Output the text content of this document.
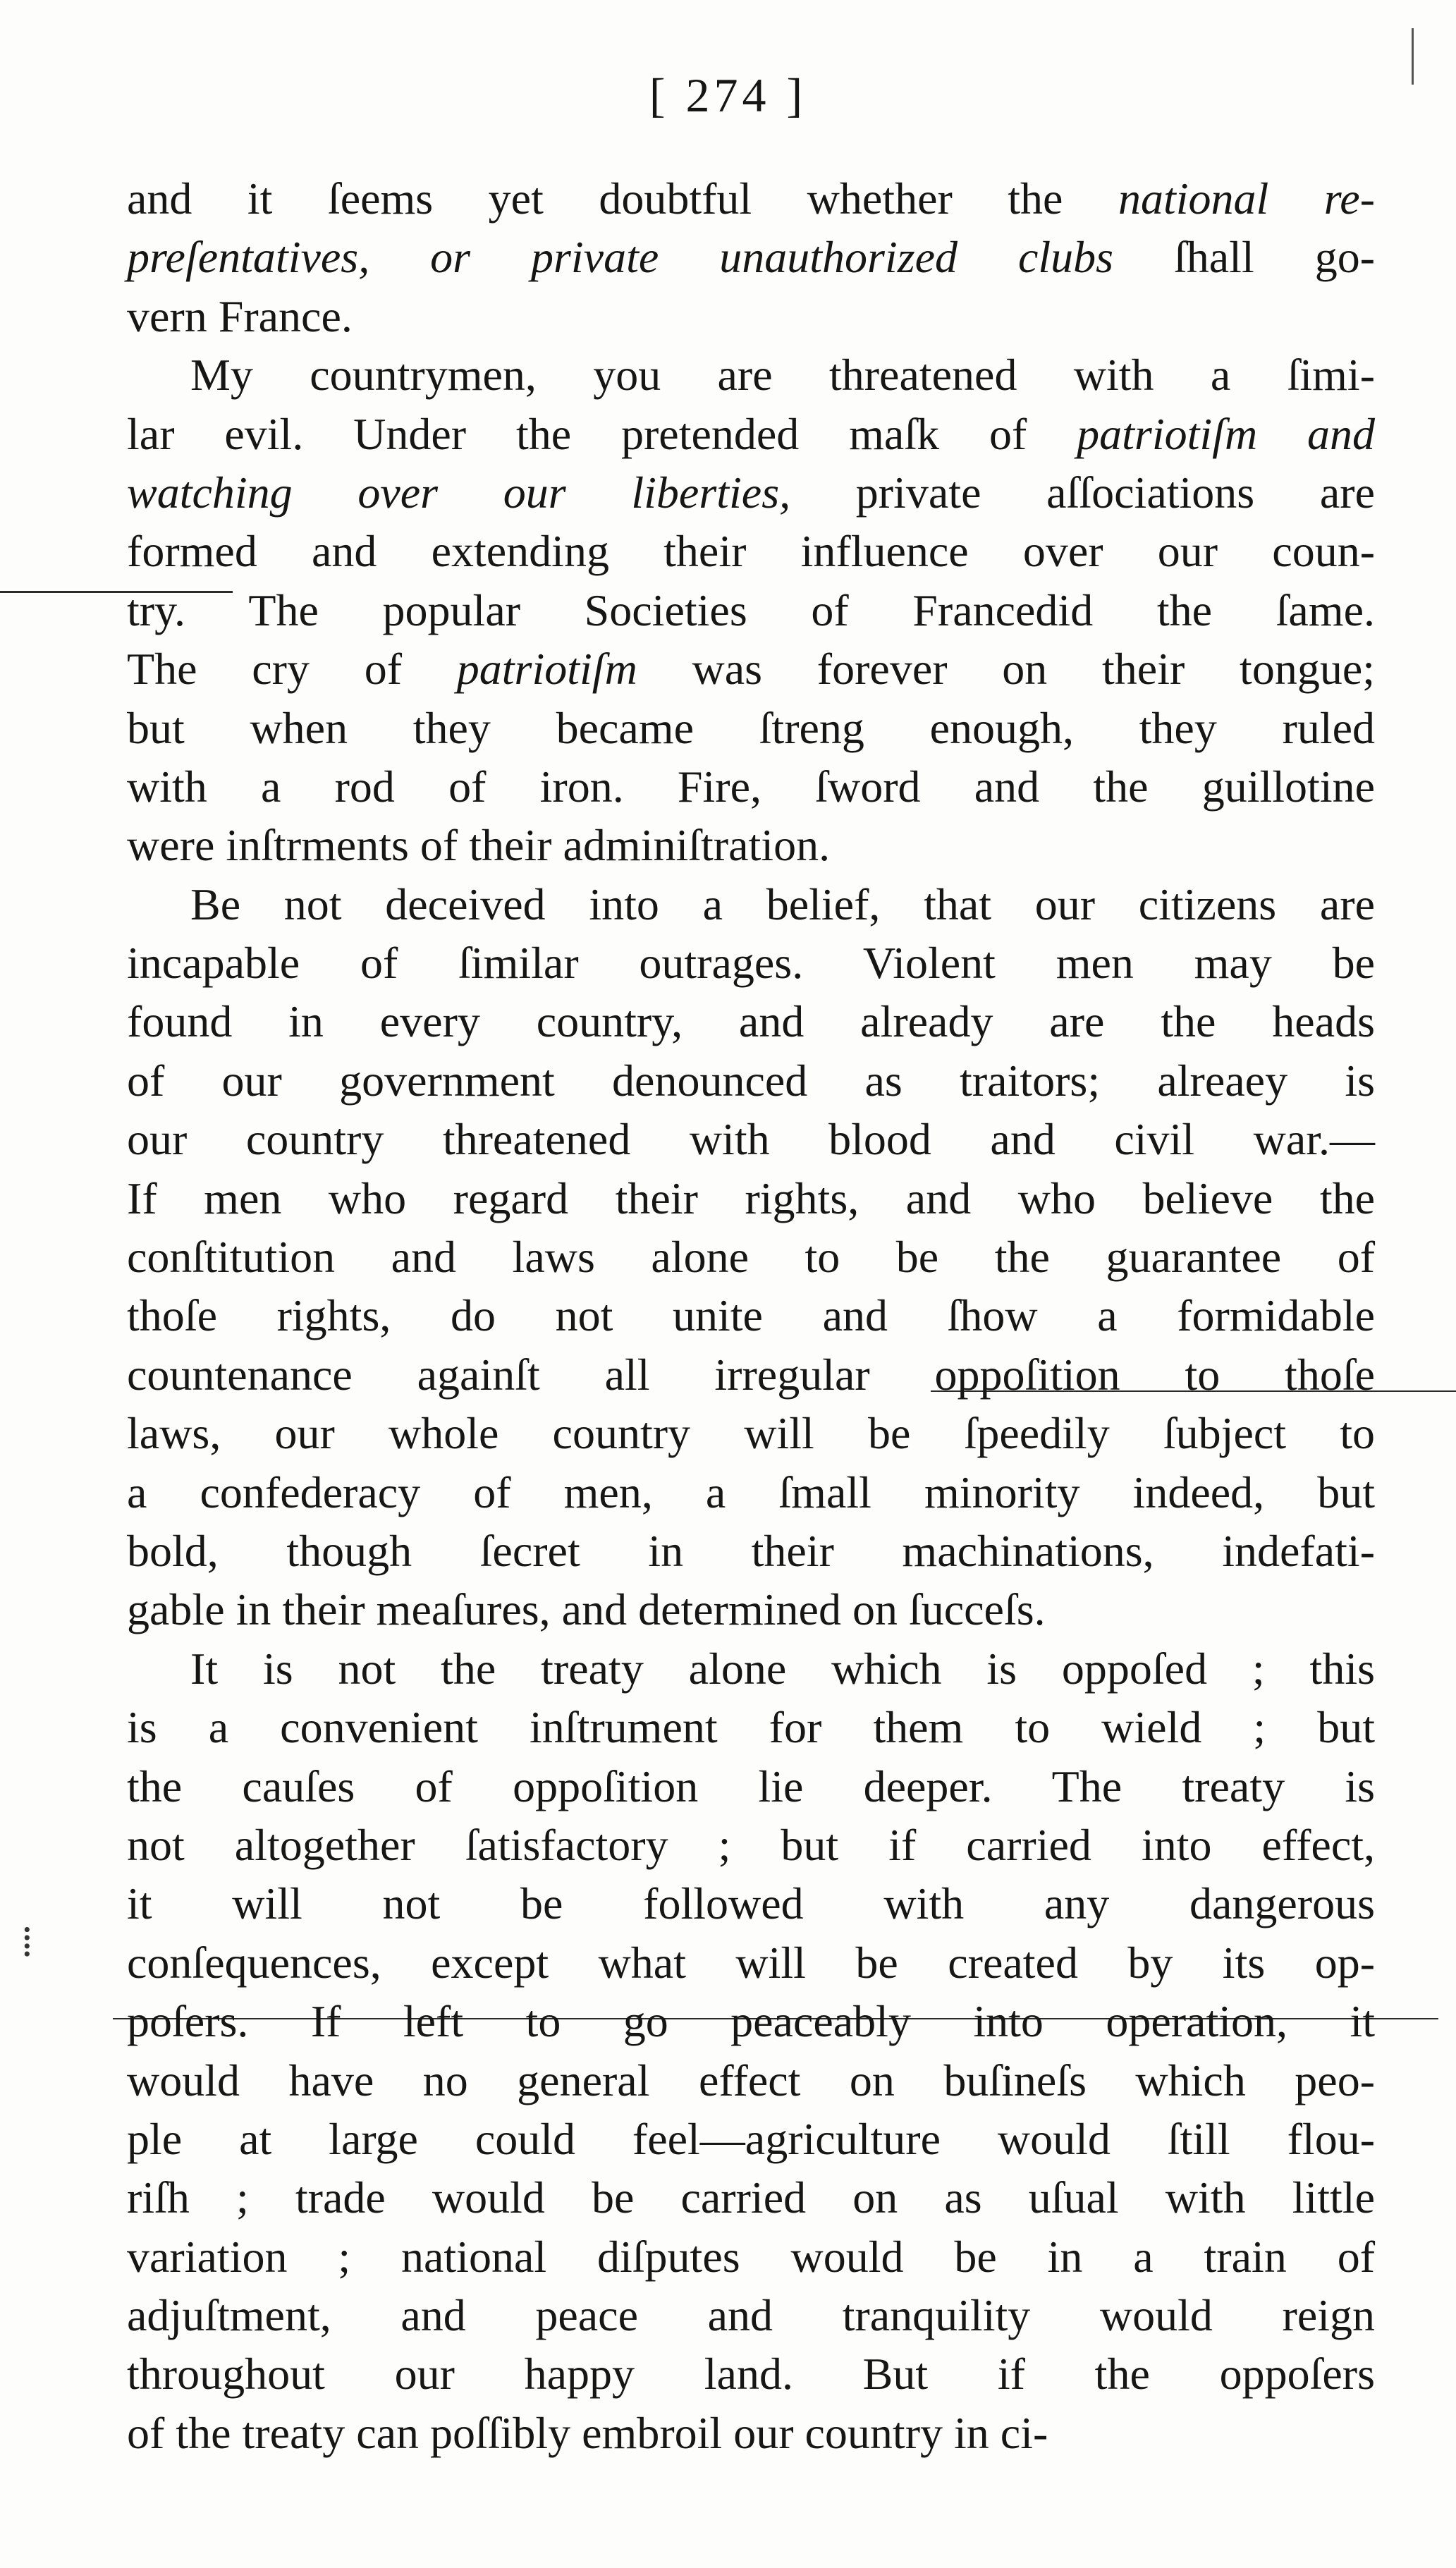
[ 274 ]
⁞
and it ſeems yet doubtful whether the national re-
preſentatives, or private unauthorized clubs ſhall go-
vern France.
My countrymen, you are threatened with a ſimi-
lar evil. Under the pretended maſk of patriotiſm and
watching over our liberties, private aſſociations are
formed and extending their influence over our coun-
try. The popular Societies of Francedid the ſame.
The cry of patriotiſm was forever on their tongue;
but when they became ſtreng enough, they ruled
with a rod of iron. Fire, ſword and the guillotine
were inſtrments of their adminiſtration.
Be not deceived into a belief, that our citizens are
incapable of ſimilar outrages. Violent men may be
found in every country, and already are the heads
of our government denounced as traitors; alreaey is
our country threatened with blood and civil war.—
If men who regard their rights, and who believe the
conſtitution and laws alone to be the guarantee of
thoſe rights, do not unite and ſhow a formidable
countenance againſt all irregular oppoſition to thoſe
laws, our whole country will be ſpeedily ſubject to
a confederacy of men, a ſmall minority indeed, but
bold, though ſecret in their machinations, indefati-
gable in their meaſures, and determined on ſucceſs.
It is not the treaty alone which is oppoſed ; this
is a convenient inſtrument for them to wield ; but
the cauſes of oppoſition lie deeper. The treaty is
not altogether ſatisfactory ; but if carried into effect,
it will not be followed with any dangerous
conſequences, except what will be created by its op-
poſers. If left to go peaceably into operation, it
would have no general effect on buſineſs which peo-
ple at large could feel—agriculture would ſtill flou-
riſh ; trade would be carried on as uſual with little
variation ; national diſputes would be in a train of
adjuſtment, and peace and tranquility would reign
throughout our happy land. But if the oppoſers
of the treaty can poſſibly embroil our country in ci-
